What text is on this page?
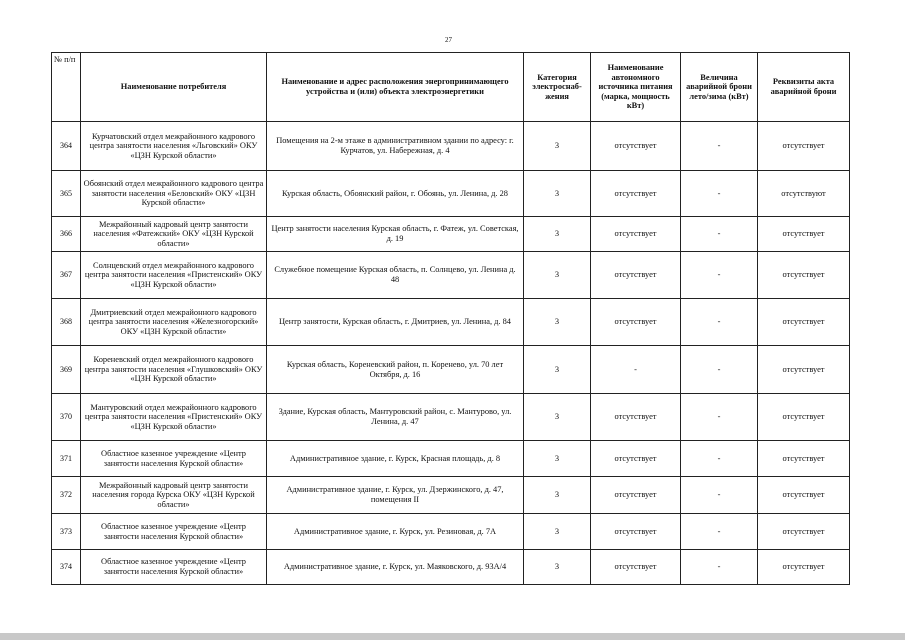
27
№ п/п	Наименование потребителя	Наименование и адрес расположения энергопринимающего устройства и (или) объекта электроэнергетики	Категория электроснаб-жения	Наименование автономного источника питания (марка, мощность кВт)	Величина аварийной брони лето/зима (кВт)	Реквизиты акта аварийной брони
364	Курчатовский отдел межрайонного кадрового центра занятости населения «Льговский» ОКУ «ЦЗН Курской области»	Помещения на 2-м этаже в административном здании по адресу: г. Курчатов, ул. Набережная, д. 4	3	отсутствует	-	отсутствует
365	Обоянский отдел межрайонного кадрового центра занятости населения «Беловский» ОКУ «ЦЗН Курской области»	Курская область, Обоянский район, г. Обоянь, ул. Ленина, д. 28	3	отсутствует	-	отсутствуют
366	Межрайонный кадровый центр занятости населения «Фатежский» ОКУ «ЦЗН Курской области»	Центр занятости населения Курская область, г. Фатеж, ул. Советская, д. 19	3	отсутствует	-	отсутствует
367	Солнцевский отдел межрайонного кадрового центра занятости населения «Пристенский» ОКУ «ЦЗН Курской области»	Служебное помещение Курская область, п. Солнцево, ул. Ленина д. 48	3	отсутствует	-	отсутствует
368	Дмитриевский отдел межрайонного кадрового центра занятости населения «Железногорский» ОКУ «ЦЗН Курской области»	Центр занятости, Курская область, г. Дмитриев, ул. Ленина, д. 84	3	отсутствует	-	отсутствует
369	Кореневский отдел межрайонного кадрового центра занятости населения «Глушковский» ОКУ «ЦЗН Курской области»	Курская область, Кореневский район, п. Коренево, ул. 70 лет Октября, д. 16	3	-	-	отсутствует
370	Мантуровский отдел межрайонного кадрового центра занятости населения «Пристенский» ОКУ «ЦЗН Курской области»	Здание, Курская область, Мантуровский район, с. Мантурово, ул. Ленина, д. 47	3	отсутствует	-	отсутствует
371	Областное казенное учреждение «Центр занятости населения Курской области»	Административное здание, г. Курск, Красная площадь, д. 8	3	отсутствует	-	отсутствует
372	Межрайонный кадровый центр занятости населения города Курска ОКУ «ЦЗН Курской области»	Административное здание, г. Курск, ул. Дзержинского, д. 47, помещения II	3	отсутствует	-	отсутствует
373	Областное казенное учреждение «Центр занятости населения Курской области»	Административное здание, г. Курск, ул. Резиновая, д. 7А	3	отсутствует	-	отсутствует
374	Областное казенное учреждение «Центр занятости населения Курской области»	Административное здание, г. Курск, ул. Маяковского, д. 93А/4	3	отсутствует	-	отсутствует
